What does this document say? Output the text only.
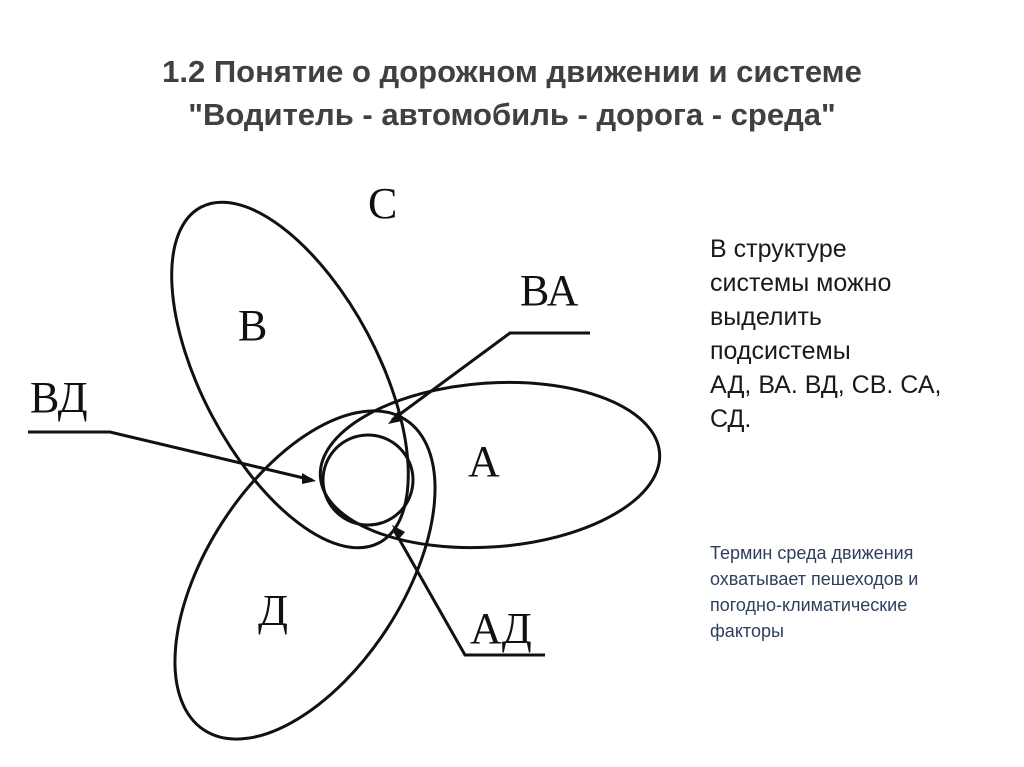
1.2 Понятие о дорожном движении и системе
"Водитель - автомобиль - дорога - среда"
С
В
А
Д
ВА
ВД
АД
В структуре
системы можно
выделить
подсистемы
АД, ВА. ВД, СВ. СА,
СД.
Термин среда движения
охватывает пешеходов и
погодно-климатические
факторы
